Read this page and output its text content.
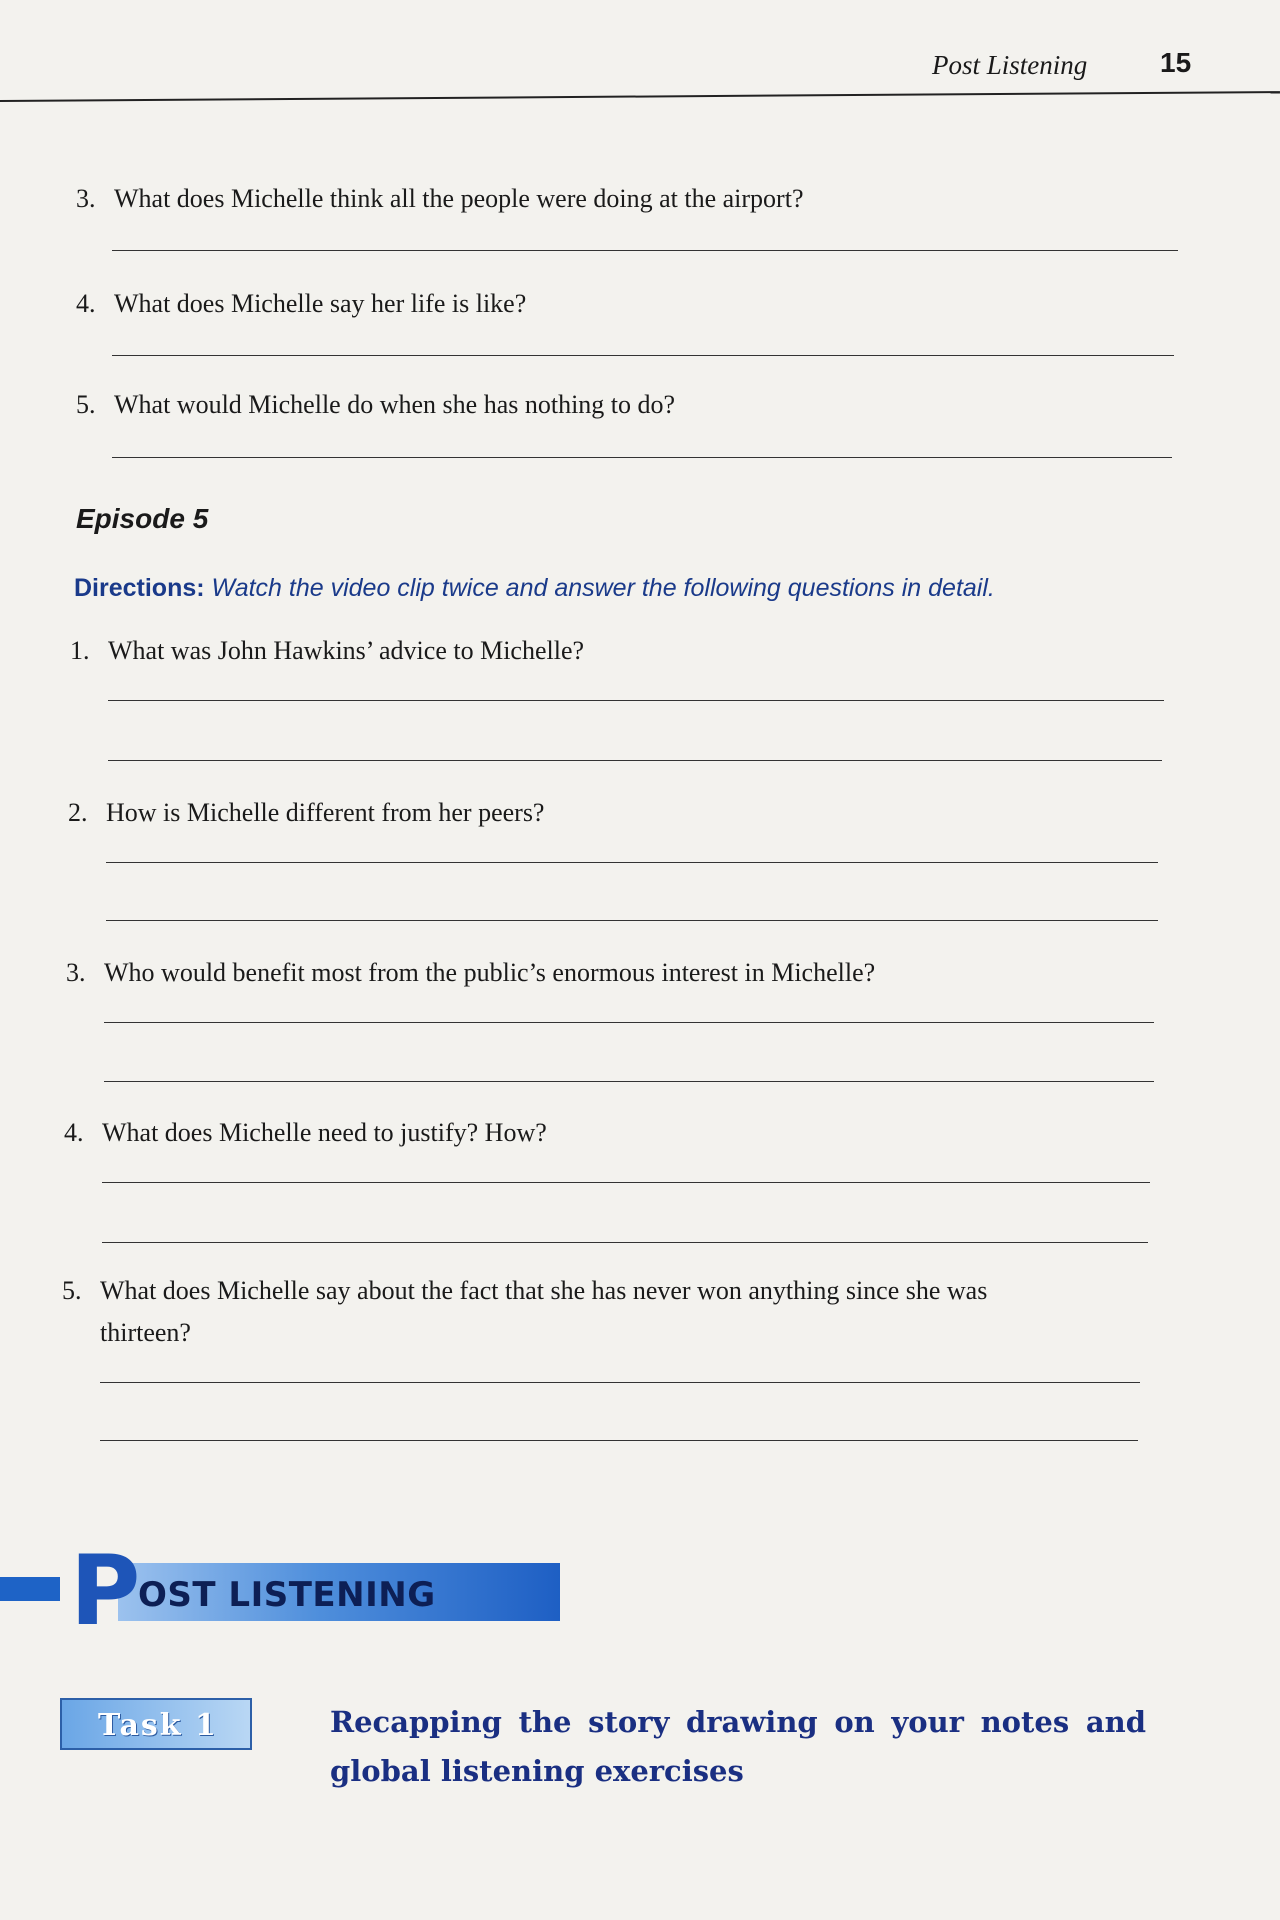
Post Listening	15
3. What does Michelle think all the people were doing at the airport?
4. What does Michelle say her life is like?
5. What would Michelle do when she has nothing to do?
Episode 5
Directions: Watch the video clip twice and answer the following questions in detail.
1. What was John Hawkins’ advice to Michelle?
2. How is Michelle different from her peers?
3. Who would benefit most from the public’s enormous interest in Michelle?
4. What does Michelle need to justify? How?
5. What does Michelle say about the fact that she has never won anything since she was
thirteen?
P
OST LISTENING
Task 1	Recapping the story drawing on your notes and
global listening exercises
